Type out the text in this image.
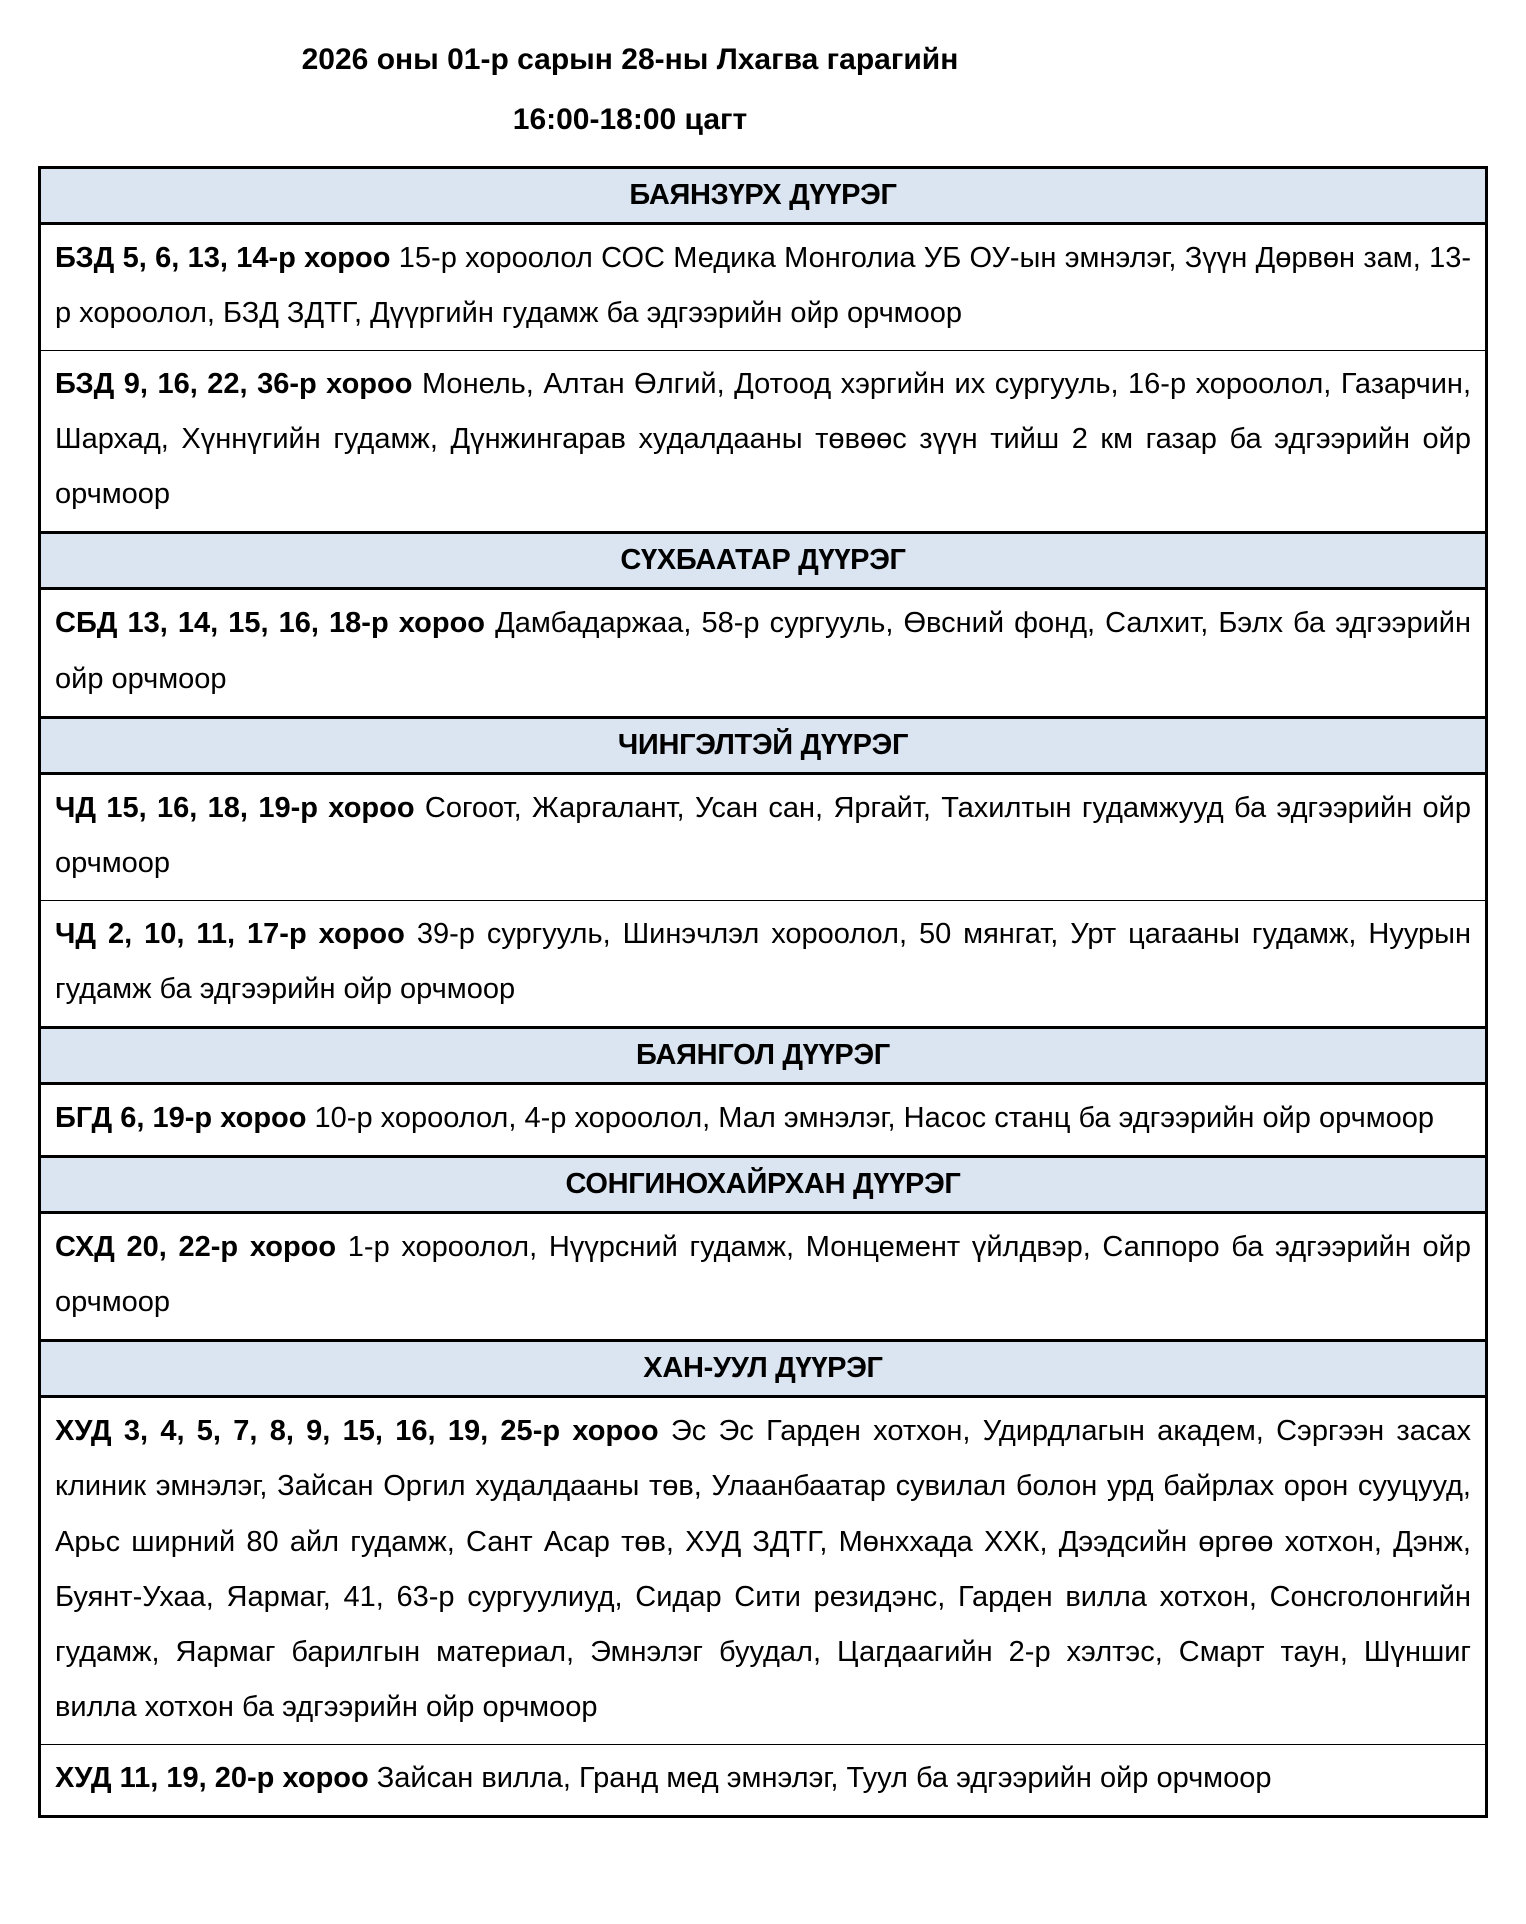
2026 оны 01-р сарын 28-ны Лхагва гарагийн

16:00-18:00 цагт

БАЯНЗҮРХ ДҮҮРЭГ
БЗД 5, 6, 13, 14-р хороо 15-р хороолол СОС Медика Монголиа УБ ОУ-ын эмнэлэг, Зүүн Дөрвөн зам, 13-р хороолол, БЗД ЗДТГ, Дүүргийн гудамж ба эдгээрийн ойр орчмоор
БЗД 9, 16, 22, 36-р хороо Монель, Алтан Өлгий, Дотоод хэргийн их сургууль, 16-р хороолол, Газарчин, Шархад, Хүннүгийн гудамж, Дүнжингарав худалдааны төвөөс зүүн тийш 2 км газар ба эдгээрийн ойр орчмоор
СҮХБААТАР ДҮҮРЭГ
СБД 13, 14, 15, 16, 18-р хороо Дамбадаржаа, 58-р сургууль, Өвсний фонд, Салхит, Бэлх ба эдгээрийн ойр орчмоор
ЧИНГЭЛТЭЙ ДҮҮРЭГ
ЧД 15, 16, 18, 19-р хороо Согоот, Жаргалант, Усан сан, Яргайт, Тахилтын гудамжууд ба эдгээрийн ойр орчмоор
ЧД 2, 10, 11, 17-р хороо 39-р сургууль, Шинэчлэл хороолол, 50 мянгат, Урт цагааны гудамж, Нуурын гудамж ба эдгээрийн ойр орчмоор
БАЯНГОЛ ДҮҮРЭГ
БГД 6, 19-р хороо 10-р хороолол, 4-р хороолол, Мал эмнэлэг, Насос станц ба эдгээрийн ойр орчмоор
СОНГИНОХАЙРХАН ДҮҮРЭГ
СХД 20, 22-р хороо 1-р хороолол, Нүүрсний гудамж, Монцемент үйлдвэр, Саппоро ба эдгээрийн ойр орчмоор
ХАН-УУЛ ДҮҮРЭГ
ХУД 3, 4, 5, 7, 8, 9, 15, 16, 19, 25-р хороо Эс Эс Гарден хотхон, Удирдлагын академ, Сэргээн засах клиник эмнэлэг, Зайсан Оргил худалдааны төв, Улаанбаатар сувилал болон урд байрлах орон сууцууд, Арьс ширний 80 айл гудамж, Сант Асар төв, ХУД ЗДТГ, Мөнххада ХХК, Дээдсийн өргөө хотхон, Дэнж, Буянт-Ухаа, Яармаг, 41, 63-р сургуулиуд, Сидар Сити резидэнс, Гарден вилла хотхон, Сонсголонгийн гудамж, Яармаг барилгын материал, Эмнэлэг буудал, Цагдаагийн 2-р хэлтэс, Смарт таун, Шүншиг вилла хотхон ба эдгээрийн ойр орчмоор
ХУД 11, 19, 20-р хороо Зайсан вилла, Гранд мед эмнэлэг, Туул ба эдгээрийн ойр орчмоор
